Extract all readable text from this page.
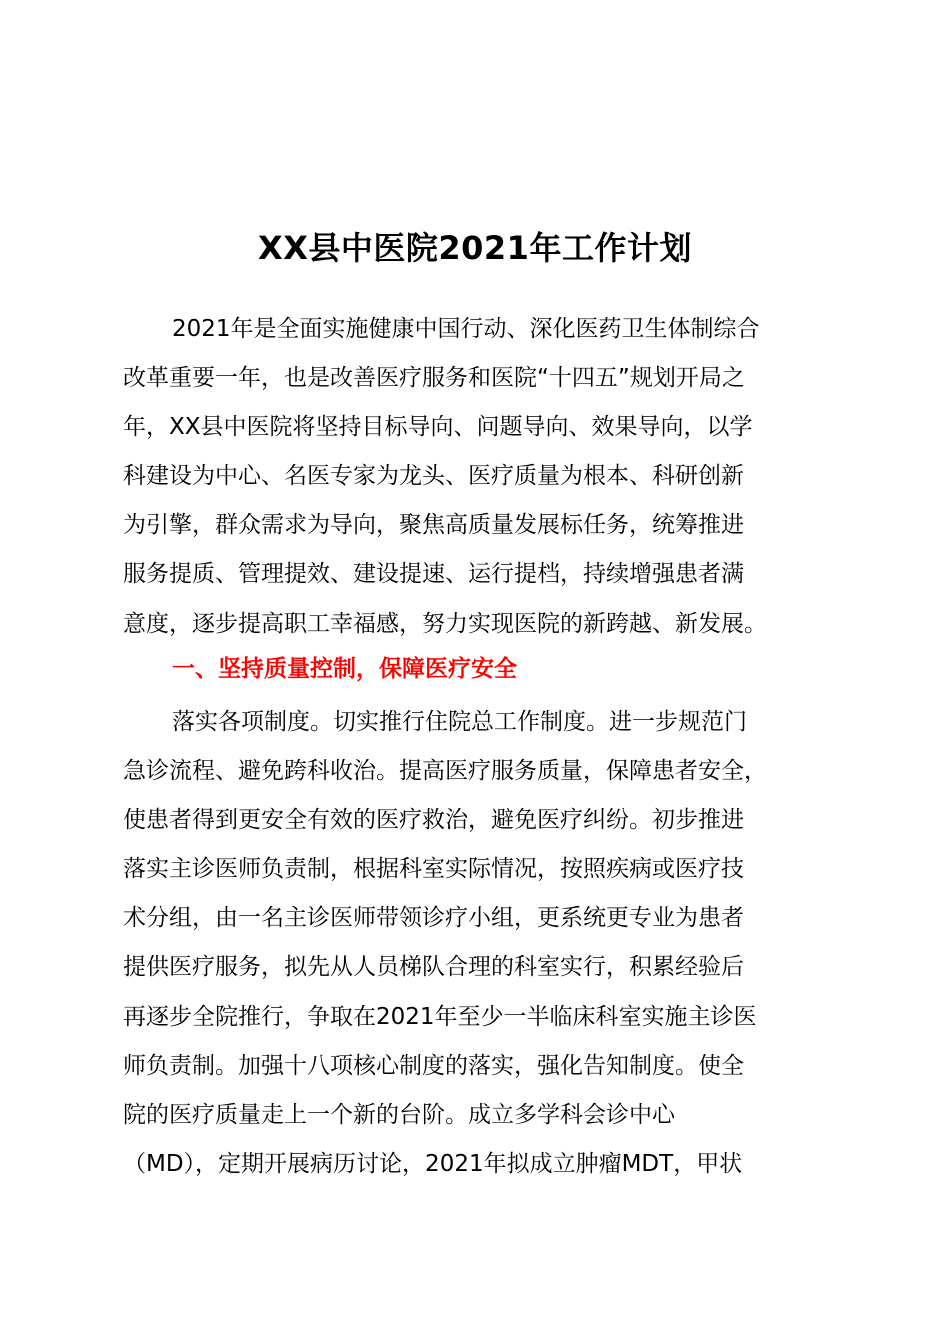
XX县中医院2021年工作计划
2021年是全面实施健康中国行动、深化医药卫生体制综合
改革重要一年，也是改善医疗服务和医院“十四五”规划开局之
年，XX县中医院将坚持目标导向、问题导向、效果导向，以学
科建设为中心、名医专家为龙头、医疗质量为根本、科研创新
为引擎，群众需求为导向，聚焦高质量发展标任务，统筹推进
服务提质、管理提效、建设提速、运行提档，持续增强患者满
意度，逐步提高职工幸福感，努力实现医院的新跨越、新发展。
一、坚持质量控制，保障医疗安全
落实各项制度。切实推行住院总工作制度。进一步规范门
急诊流程、避免跨科收治。提高医疗服务质量，保障患者安全，
使患者得到更安全有效的医疗救治，避免医疗纠纷。初步推进
落实主诊医师负责制，根据科室实际情况，按照疾病或医疗技
术分组，由一名主诊医师带领诊疗小组，更系统更专业为患者
提供医疗服务，拟先从人员梯队合理的科室实行，积累经验后
再逐步全院推行，争取在2021年至少一半临床科室实施主诊医
师负责制。加强十八项核心制度的落实，强化告知制度。使全
院的医疗质量走上一个新的台阶。成立多学科会诊中心
（MD），定期开展病历讨论，2021年拟成立肿瘤MDT，甲状
